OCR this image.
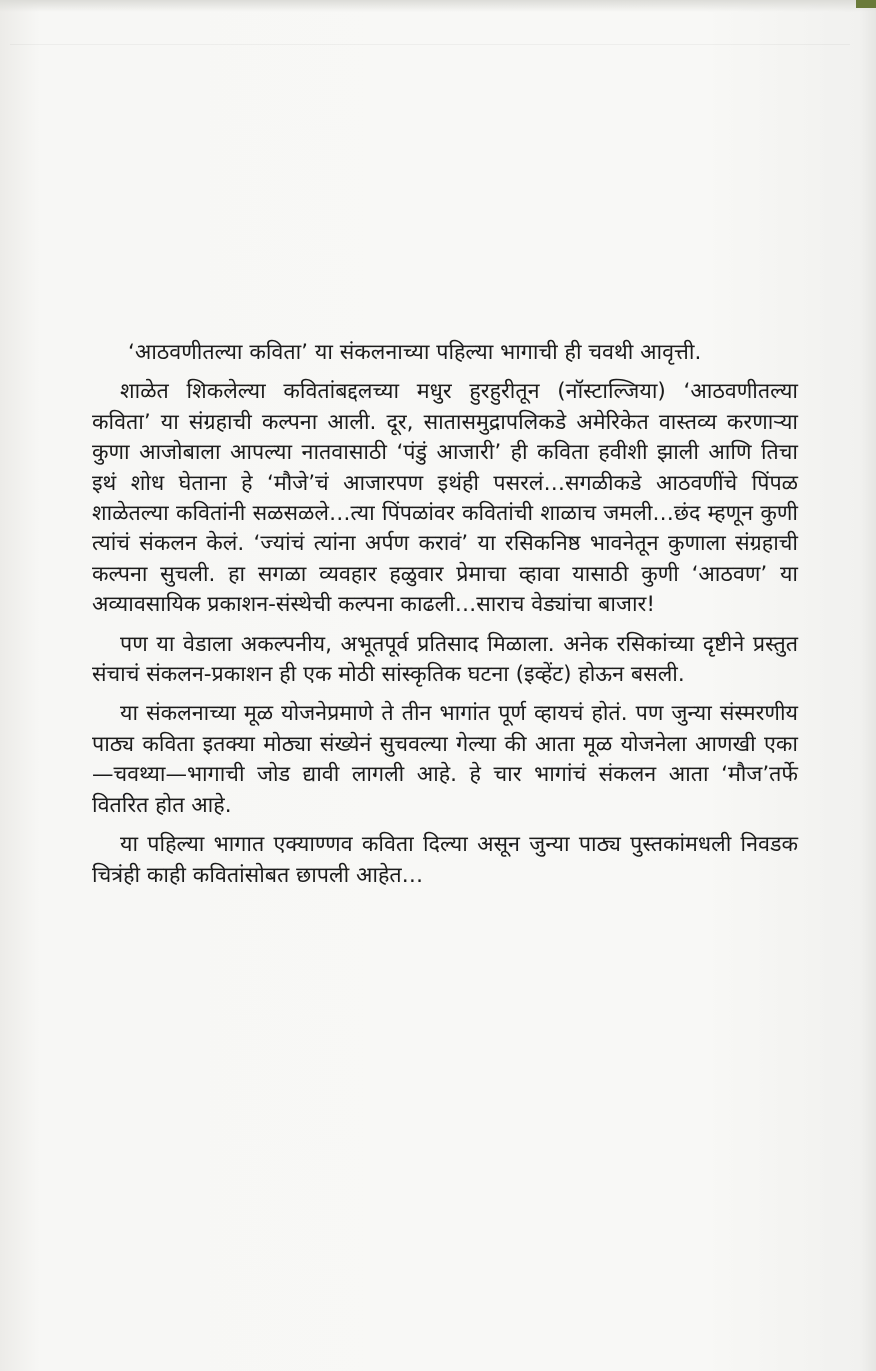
‘आठवणीतल्या कविता’ या संकलनाच्या पहिल्या भागाची ही चवथी आवृत्ती.

शाळेत शिकलेल्या कवितांबद्दलच्या मधुर हुरहुरीतून (नॉस्टाल्जिया) ‘आठवणीतल्या कविता’ या संग्रहाची कल्पना आली. दूर, सातासमुद्रापलिकडे अमेरिकेत वास्तव्य करणाऱ्या कुणा आजोबाला आपल्या नातवासाठी ‘पंडुं आजारी’ ही कविता हवीशी झाली आणि तिचा इथं शोध घेताना हे ‘मौजे’चं आजारपण इथंही पसरलं…सगळीकडे आठवणींचे पिंपळ शाळेतल्या कवितांनी सळसळले…त्या पिंपळांवर कवितांची शाळाच जमली…छंद म्हणून कुणी त्यांचं संकलन केलं. ‘ज्यांचं त्यांना अर्पण करावं’ या रसिकनिष्ठ भावनेतून कुणाला संग्रहाची कल्पना सुचली. हा सगळा व्यवहार हळुवार प्रेमाचा व्हावा यासाठी कुणी ‘आठवण’ या अव्यावसायिक प्रकाशन-संस्थेची कल्पना काढली…साराच वेड्यांचा बाजार!

पण या वेडाला अकल्पनीय, अभूतपूर्व प्रतिसाद मिळाला. अनेक रसिकांच्या दृष्टीने प्रस्तुत संचाचं संकलन-प्रकाशन ही एक मोठी सांस्कृतिक घटना (इव्हेंट) होऊन बसली.

या संकलनाच्या मूळ योजनेप्रमाणे ते तीन भागांत पूर्ण व्हायचं होतं. पण जुन्या संस्मरणीय पाठ्य कविता इतक्या मोठ्या संख्येनं सुचवल्या गेल्या की आता मूळ योजनेला आणखी एका—चवथ्या—भागाची जोड द्यावी लागली आहे. हे चार भागांचं संकलन आता ‘मौज’तर्फे वितरित होत आहे.

या पहिल्या भागात एक्याण्णव कविता दिल्या असून जुन्या पाठ्य पुस्तकांमधली निवडक चित्रंही काही कवितांसोबत छापली आहेत…
